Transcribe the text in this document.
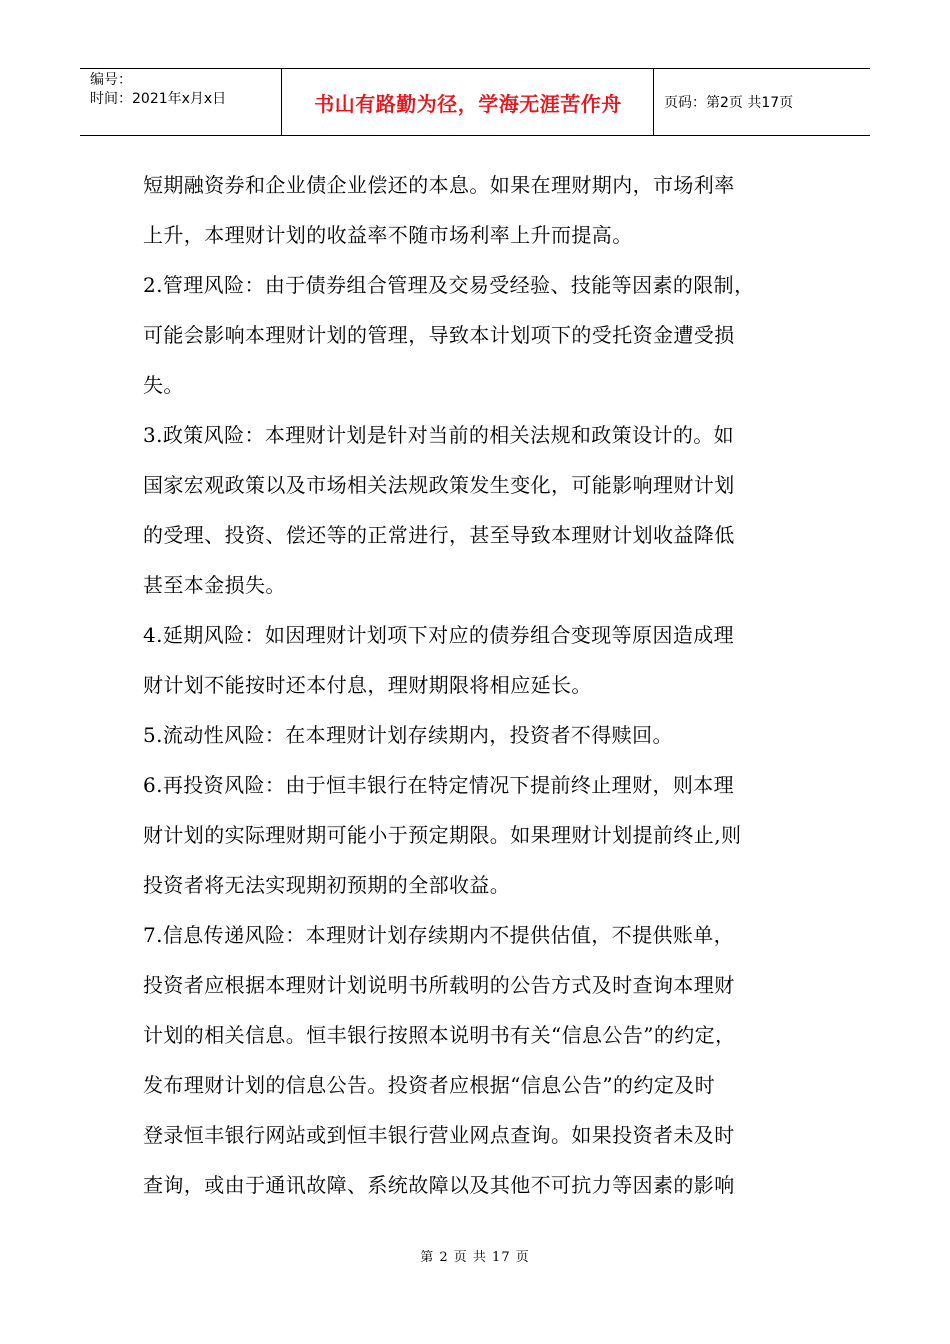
编号：
时间：2021年x月x日	书山有路勤为径，学海无涯苦作舟	页码：第2页 共17页
短期融资券和企业债企业偿还的本息。如果在理财期内，市场利率
上升，本理财计划的收益率不随市场利率上升而提高。
2.管理风险：由于债券组合管理及交易受经验、技能等因素的限制，
可能会影响本理财计划的管理，导致本计划项下的受托资金遭受损
失。
3.政策风险：本理财计划是针对当前的相关法规和政策设计的。如
国家宏观政策以及市场相关法规政策发生变化，可能影响理财计划
的受理、投资、偿还等的正常进行，甚至导致本理财计划收益降低
甚至本金损失。
4.延期风险：如因理财计划项下对应的债券组合变现等原因造成理
财计划不能按时还本付息，理财期限将相应延长。
5.流动性风险：在本理财计划存续期内，投资者不得赎回。
6.再投资风险：由于恒丰银行在特定情况下提前终止理财，则本理
财计划的实际理财期可能小于预定期限。如果理财计划提前终止,则
投资者将无法实现期初预期的全部收益。
7.信息传递风险：本理财计划存续期内不提供估值，不提供账单，
投资者应根据本理财计划说明书所载明的公告方式及时查询本理财
计划的相关信息。恒丰银行按照本说明书有关“信息公告”的约定，
发布理财计划的信息公告。投资者应根据“信息公告”的约定及时
登录恒丰银行网站或到恒丰银行营业网点查询。如果投资者未及时
查询，或由于通讯故障、系统故障以及其他不可抗力等因素的影响
第 2 页 共 17 页
